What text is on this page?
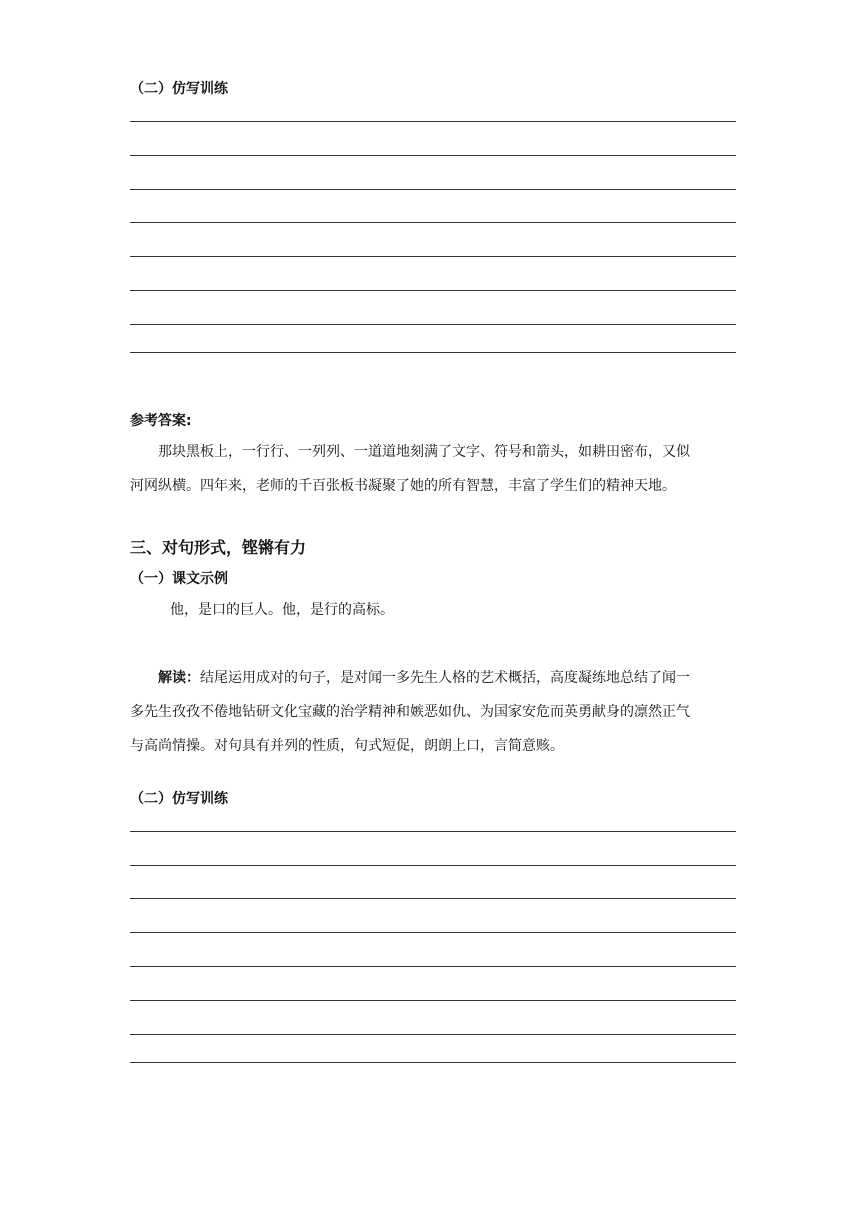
（二）仿写训练
参考答案:
那块黑板上，一行行、一列列、一道道地刻满了文字、符号和箭头，如耕田密布，又似
河网纵横。四年来，老师的千百张板书凝聚了她的所有智慧，丰富了学生们的精神天地。
三、对句形式，铿锵有力
（一）课文示例
他，是口的巨人。他，是行的高标。
解读：结尾运用成对的句子，是对闻一多先生人格的艺术概括，高度凝练地总结了闻一
多先生孜孜不倦地钻研文化宝藏的治学精神和嫉恶如仇、为国家安危而英勇献身的凛然正气
与高尚情操。对句具有并列的性质，句式短促，朗朗上口，言简意赅。
（二）仿写训练
